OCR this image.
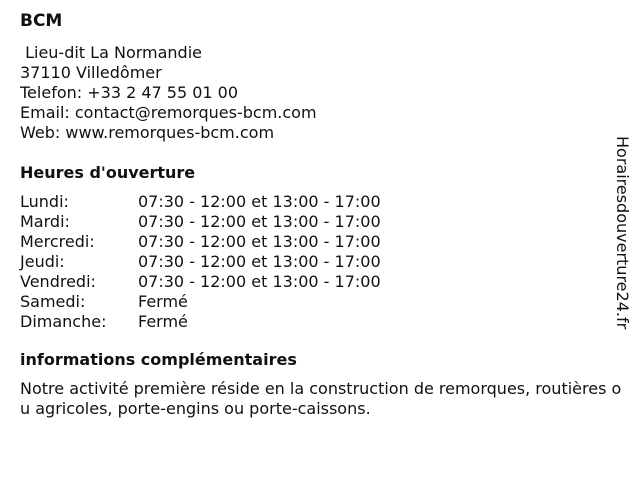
BCM
Lieu-dit La Normandie
37110 Villedômer
Telefon: +33 2 47 55 01 00
Email: contact@remorques-bcm.com
Web: www.remorques-bcm.com
Heures d'ouverture
Lundi:	07:30 - 12:00 et 13:00 - 17:00
Mardi:	07:30 - 12:00 et 13:00 - 17:00
Mercredi:	07:30 - 12:00 et 13:00 - 17:00
Jeudi:	07:30 - 12:00 et 13:00 - 17:00
Vendredi:	07:30 - 12:00 et 13:00 - 17:00
Samedi:	Fermé
Dimanche:	Fermé
informations complémentaires
Notre activité première réside en la construction de remorques, routières ou agricoles, porte-engins ou porte-caissons.
Horairesdouverture24.fr
